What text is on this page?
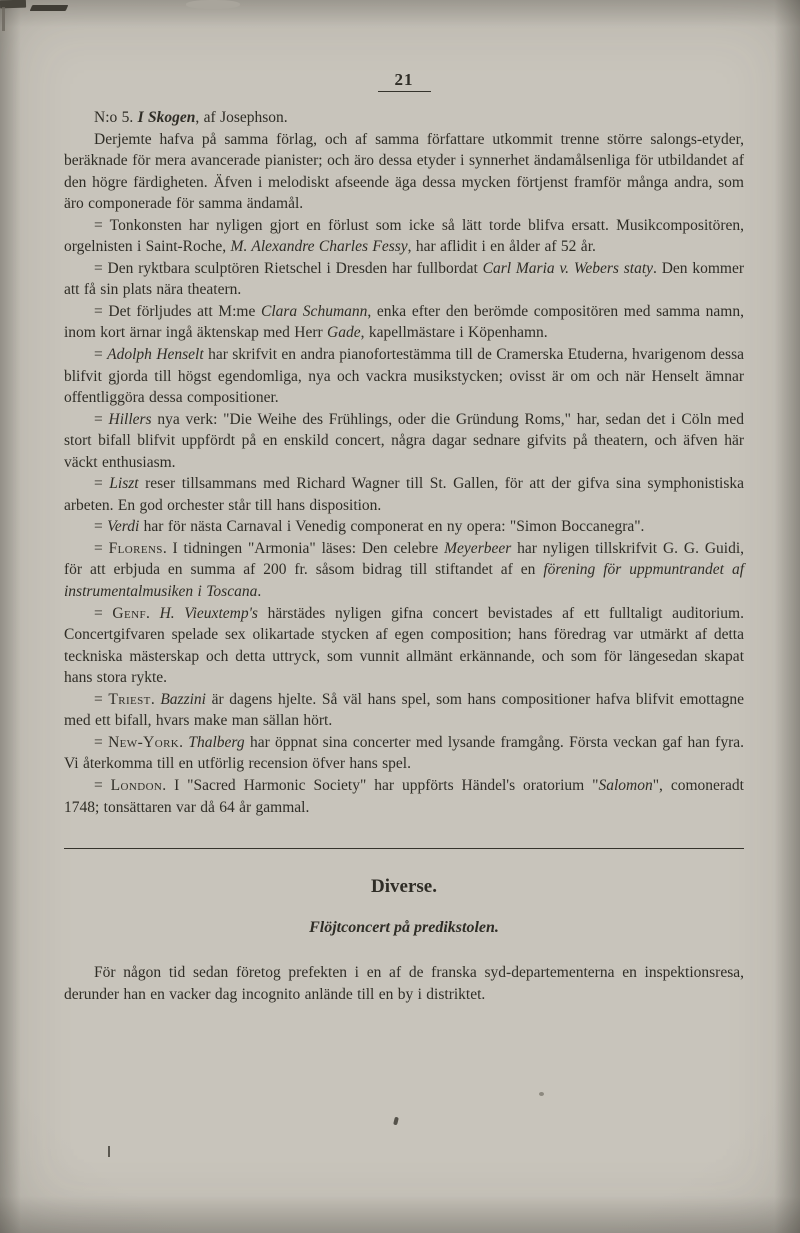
21

N:o 5. I Skogen, af Josephson.

Derjemte hafva på samma förlag, och af samma författare utkommit trenne större salongs-etyder, beräknade för mera avancerade pianister; och äro dessa etyder i synnerhet ändamålsenliga för utbildandet af den högre färdigheten. Äfven i melodiskt afseende äga dessa mycken förtjenst framför många andra, som äro componerade för samma ändamål.

= Tonkonsten har nyligen gjort en förlust som icke så lätt torde blifva ersatt. Musikcompositören, orgelnisten i Saint-Roche, M. Alexandre Charles Fessy, har aflidit i en ålder af 52 år.

= Den ryktbara sculptören Rietschel i Dresden har fullbordat Carl Maria v. Webers staty. Den kommer att få sin plats nära theatern.

= Det förljudes att M:me Clara Schumann, enka efter den berömde compositören med samma namn, inom kort ärnar ingå äktenskap med Herr Gade, kapellmästare i Köpenhamn.

= Adolph Henselt har skrifvit en andra pianofortestämma till de Cramerska Etuderna, hvarigenom dessa blifvit gjorda till högst egendomliga, nya och vackra musikstycken; ovisst är om och när Henselt ämnar offentliggöra dessa compositioner.

= Hillers nya verk: "Die Weihe des Frühlings, oder die Gründung Roms," har, sedan det i Cöln med stort bifall blifvit uppfördt på en enskild concert, några dagar sednare gifvits på theatern, och äfven här väckt enthusiasm.

= Liszt reser tillsammans med Richard Wagner till St. Gallen, för att der gifva sina symphonistiska arbeten. En god orchester står till hans disposition.

= Verdi har för nästa Carnaval i Venedig componerat en ny opera: "Simon Boccanegra".

= Florens. I tidningen "Armonia" läses: Den celebre Meyerbeer har nyligen tillskrifvit G. G. Guidi, för att erbjuda en summa af 200 fr. såsom bidrag till stiftandet af en förening för uppmuntrandet af instrumentalmusiken i Toscana.

= Genf. H. Vieuxtemp's härstädes nyligen gifna concert bevistades af ett fulltaligt auditorium. Concertgifvaren spelade sex olikartade stycken af egen composition; hans föredrag var utmärkt af detta teckniska mästerskap och detta uttryck, som vunnit allmänt erkännande, och som för längesedan skapat hans stora rykte.

= Triest. Bazzini är dagens hjelte. Så väl hans spel, som hans compositioner hafva blifvit emottagne med ett bifall, hvars make man sällan hört.

= New-York. Thalberg har öppnat sina concerter med lysande framgång. Första veckan gaf han fyra. Vi återkomma till en utförlig recension öfver hans spel.

= London. I "Sacred Harmonic Society" har uppförts Händel's oratorium "Salomon", comoneradt 1748; tonsättaren var då 64 år gammal.

Diverse.
Flöjtconcert på predikstolen.

För någon tid sedan företog prefekten i en af de franska syd-departementerna en inspektionsresa, derunder han en vacker dag incognito anlände till en by i distriktet.
